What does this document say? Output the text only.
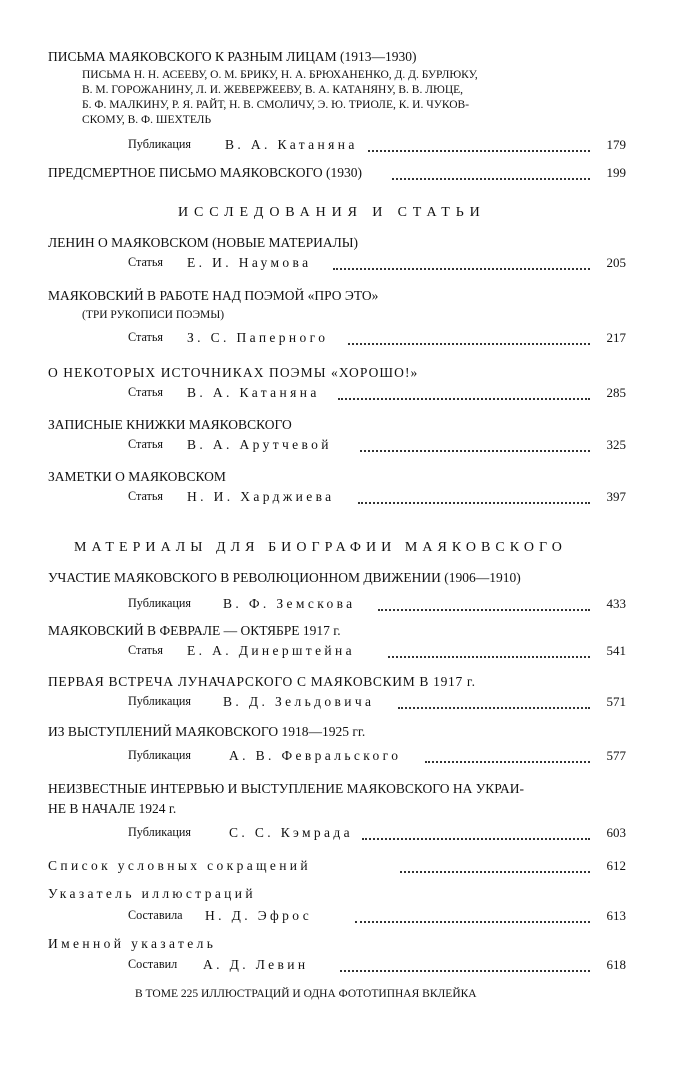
ПИСЬМА МАЯКОВСКОГО К РАЗНЫМ ЛИЦАМ (1913—1930)
ПИСЬМА Н. Н. АСЕЕВУ, О. М. БРИКУ, Н. А. БРЮХАНЕНКО, Д. Д. БУРЛЮКУ,
В. М. ГОРОЖАНИНУ, Л. И. ЖЕВЕРЖЕЕВУ, В. А. КАТАНЯНУ, В. В. ЛЮЦЕ,
Б. Ф. МАЛКИНУ, Р. Я. РАЙТ, Н. В. СМОЛИЧУ, Э. Ю. ТРИОЛЕ, К. И. ЧУКОВ-
СКОМУ, В. Ф. ШЕХТЕЛЬ
Публикация	В. А. Катаняна	179
ПРЕДСМЕРТНОЕ ПИСЬМО МАЯКОВСКОГО (1930)	199
ИССЛЕДОВАНИЯ И СТАТЬИ
ЛЕНИН О МАЯКОВСКОМ (НОВЫЕ МАТЕРИАЛЫ)
Статья Е. И. Наумова	205
МАЯКОВСКИЙ В РАБОТЕ НАД ПОЭМОЙ «ПРО ЭТО»
(ТРИ РУКОПИСИ ПОЭМЫ)
Статья З. С. Паперного	217
О НЕКОТОРЫХ ИСТОЧНИКАХ ПОЭМЫ «ХОРОШО!»
Статья В. А. Катаняна	285
ЗАПИСНЫЕ КНИЖКИ МАЯКОВСКОГО
Статья В. А. Арутчевой	325
ЗАМЕТКИ О МАЯКОВСКОМ
Статья Н. И. Харджиева	397
МАТЕРИАЛЫ ДЛЯ БИОГРАФИИ МАЯКОВСКОГО
УЧАСТИЕ МАЯКОВСКОГО В РЕВОЛЮЦИОННОМ ДВИЖЕНИИ (1906—1910)
Публикация В. Ф. Земскова	433
МАЯКОВСКИЙ В ФЕВРАЛЕ — ОКТЯБРЕ 1917 г.
Статья Е. А. Динерштейна	541
ПЕРВАЯ ВСТРЕЧА ЛУНАЧАРСКОГО С МАЯКОВСКИМ В 1917 г.
Публикация В. Д. Зельдовича	571
ИЗ ВЫСТУПЛЕНИЙ МАЯКОВСКОГО 1918—1925 гг.
Публикация	А. В. Февральского	577
НЕИЗВЕСТНЫЕ ИНТЕРВЬЮ И ВЫСТУПЛЕНИЕ МАЯКОВСКОГО НА УКРАИ-
НЕ В НАЧАЛЕ 1924 г.
Публикация	С. С. Кэмрада	603
Список условных сокращений	612
Указатель иллюстраций
Составила Н. Д. Эфрос	613
Именной указатель
Составил А. Д. Левин	618
В ТОМЕ 225 ИЛЛЮСТРАЦИЙ И ОДНА ФОТОТИПНАЯ ВКЛЕЙКА
